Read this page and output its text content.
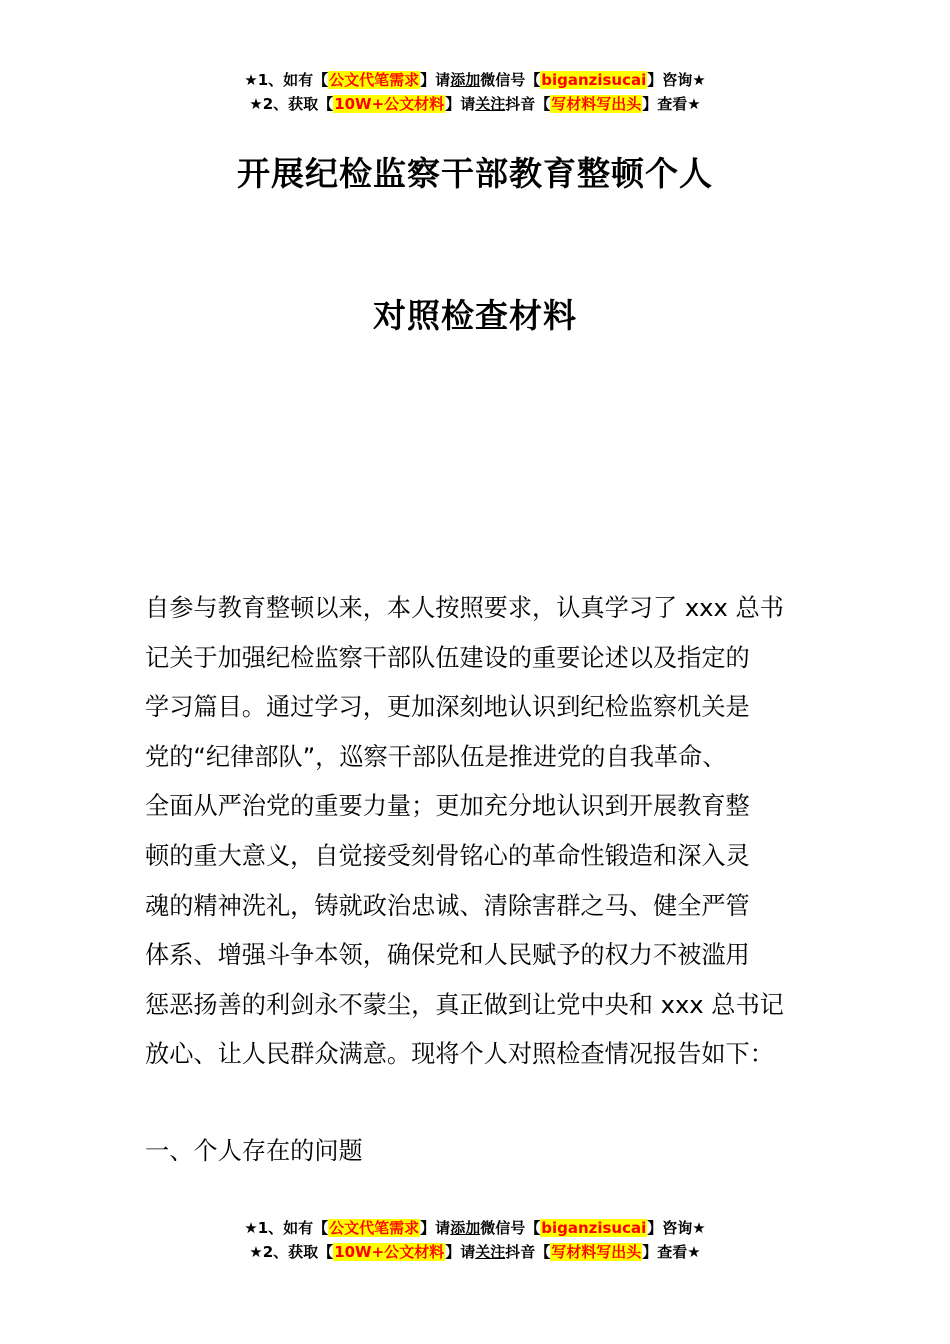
★1、如有【公文代笔需求】请添加微信号【biganzisucai】咨询★
★2、获取【10W+公文材料】请关注抖音【写材料写出头】查看★
开展纪检监察干部教育整顿个人
对照检查材料
自参与教育整顿以来，本人按照要求，认真学习了 xxx 总书
记关于加强纪检监察干部队伍建设的重要论述以及指定的
学习篇目。通过学习，更加深刻地认识到纪检监察机关是
党的“纪律部队”，巡察干部队伍是推进党的自我革命、
全面从严治党的重要力量；更加充分地认识到开展教育整
顿的重大意义，自觉接受刻骨铭心的革命性锻造和深入灵
魂的精神洗礼，铸就政治忠诚、清除害群之马、健全严管
体系、增强斗争本领，确保党和人民赋予的权力不被滥用
惩恶扬善的利剑永不蒙尘，真正做到让党中央和 xxx 总书记
放心、让人民群众满意。现将个人对照检查情况报告如下：
一、个人存在的问题
★1、如有【公文代笔需求】请添加微信号【biganzisucai】咨询★
★2、获取【10W+公文材料】请关注抖音【写材料写出头】查看★
